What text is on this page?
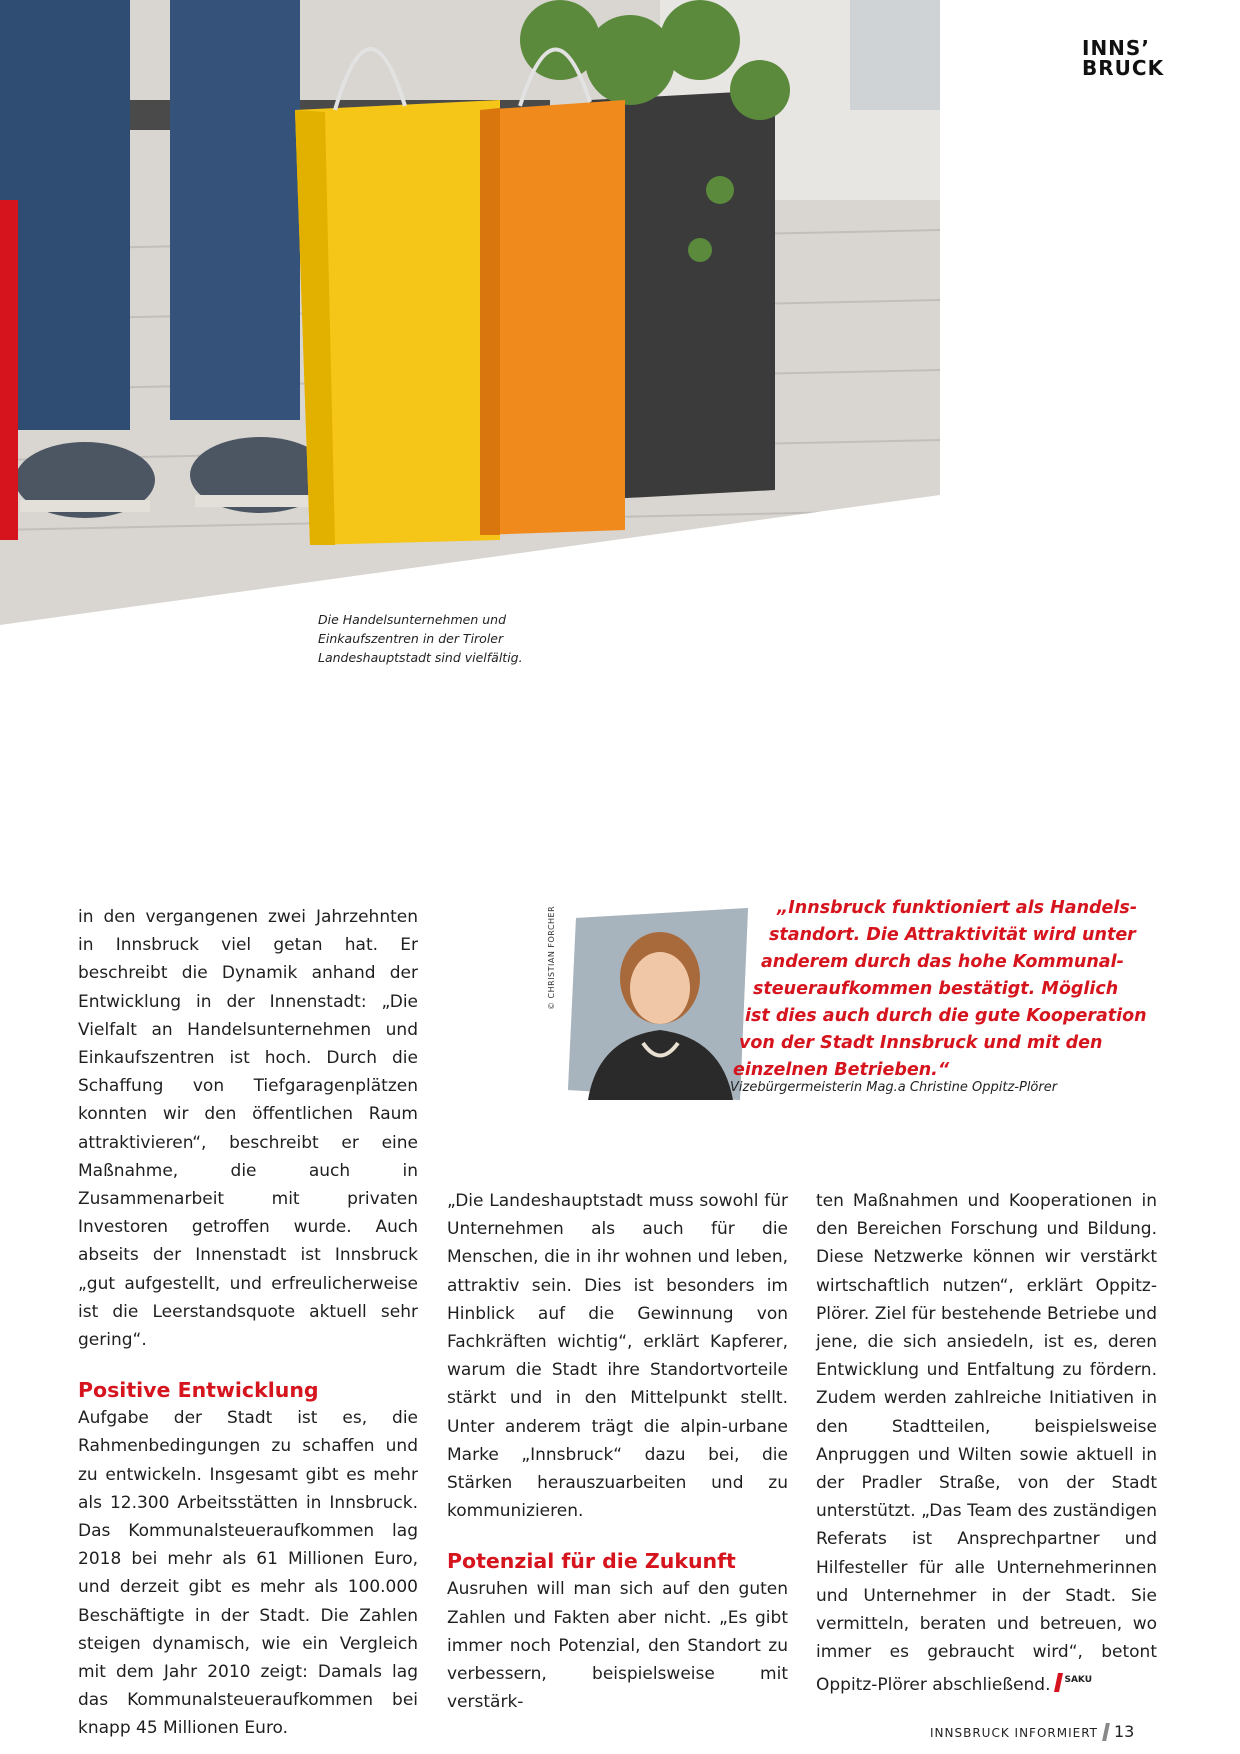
INNS’
BRUCK
Die Handelsunternehmen und Einkaufszentren in der Tiroler Landeshauptstadt sind vielfältig.

in den vergangenen zwei Jahrzehnten in Innsbruck viel getan hat. Er beschreibt die Dynamik anhand der Entwicklung in der Innenstadt: „Die Vielfalt an Handelsunternehmen und Einkaufszentren ist hoch. Durch die Schaffung von Tiefgaragenplätzen konnten wir den öffentlichen Raum attraktivieren“, beschreibt er eine Maßnahme, die auch in Zusammenarbeit mit privaten Investoren getroffen wurde. Auch abseits der Innenstadt ist Innsbruck „gut aufgestellt, und erfreulicherweise ist die Leerstandsquote aktuell sehr gering“.

Positive Entwicklung

Aufgabe der Stadt ist es, die Rahmenbedingungen zu schaffen und zu entwickeln. Insgesamt gibt es mehr als 12.300 Arbeitsstätten in Innsbruck. Das Kommunalsteueraufkommen lag 2018 bei mehr als 61 Millionen Euro, und derzeit gibt es mehr als 100.000 Beschäftigte in der Stadt. Die Zahlen steigen dynamisch, wie ein Vergleich mit dem Jahr 2010 zeigt: Damals lag das Kommunalsteueraufkommen bei knapp 45 Millionen Euro.

© CHRISTIAN FORCHER	„Innsbruck funktioniert als Handels-
standort. Die Attraktivität wird unter
anderem durch das hohe Kommunal-
steueraufkommen bestätigt. Möglich
ist dies auch durch die gute Kooperation
von der Stadt Innsbruck und mit den
einzelnen Betrieben.“
Vizebürgermeisterin Mag.a Christine Oppitz-Plörer

„Die Landeshauptstadt muss sowohl für Unternehmen als auch für die Menschen, die in ihr wohnen und leben, attraktiv sein. Dies ist besonders im Hinblick auf die Gewinnung von Fachkräften wichtig“, erklärt Kapferer, warum die Stadt ihre Standortvorteile stärkt und in den Mittelpunkt stellt. Unter anderem trägt die alpin-urbane Marke „Innsbruck“ dazu bei, die Stärken herauszuarbeiten und zu kommunizieren.

Potenzial für die Zukunft

Ausruhen will man sich auf den guten Zahlen und Fakten aber nicht. „Es gibt immer noch Potenzial, den Standort zu verbessern, beispielsweise mit verstärk-

ten Maßnahmen und Kooperationen in den Bereichen Forschung und Bildung. Diese Netzwerke können wir verstärkt wirtschaftlich nutzen“, erklärt Oppitz-Plörer. Ziel für bestehende Betriebe und jene, die sich ansiedeln, ist es, deren Entwicklung und Entfaltung zu fördern. Zudem werden zahlreiche Initiativen in den Stadtteilen, beispielsweise Anpruggen und Wilten sowie aktuell in der Pradler Straße, von der Stadt unterstützt. „Das Team des zuständigen Referats ist Ansprechpartner und Hilfesteller für alle Unternehmerinnen und Unternehmer in der Stadt. Sie vermitteln, beraten und betreuen, wo immer es gebraucht wird“, betont Oppitz-Plörer abschließend. $^{SAKU}$

INNSBRUCK INFORMIERT 13
